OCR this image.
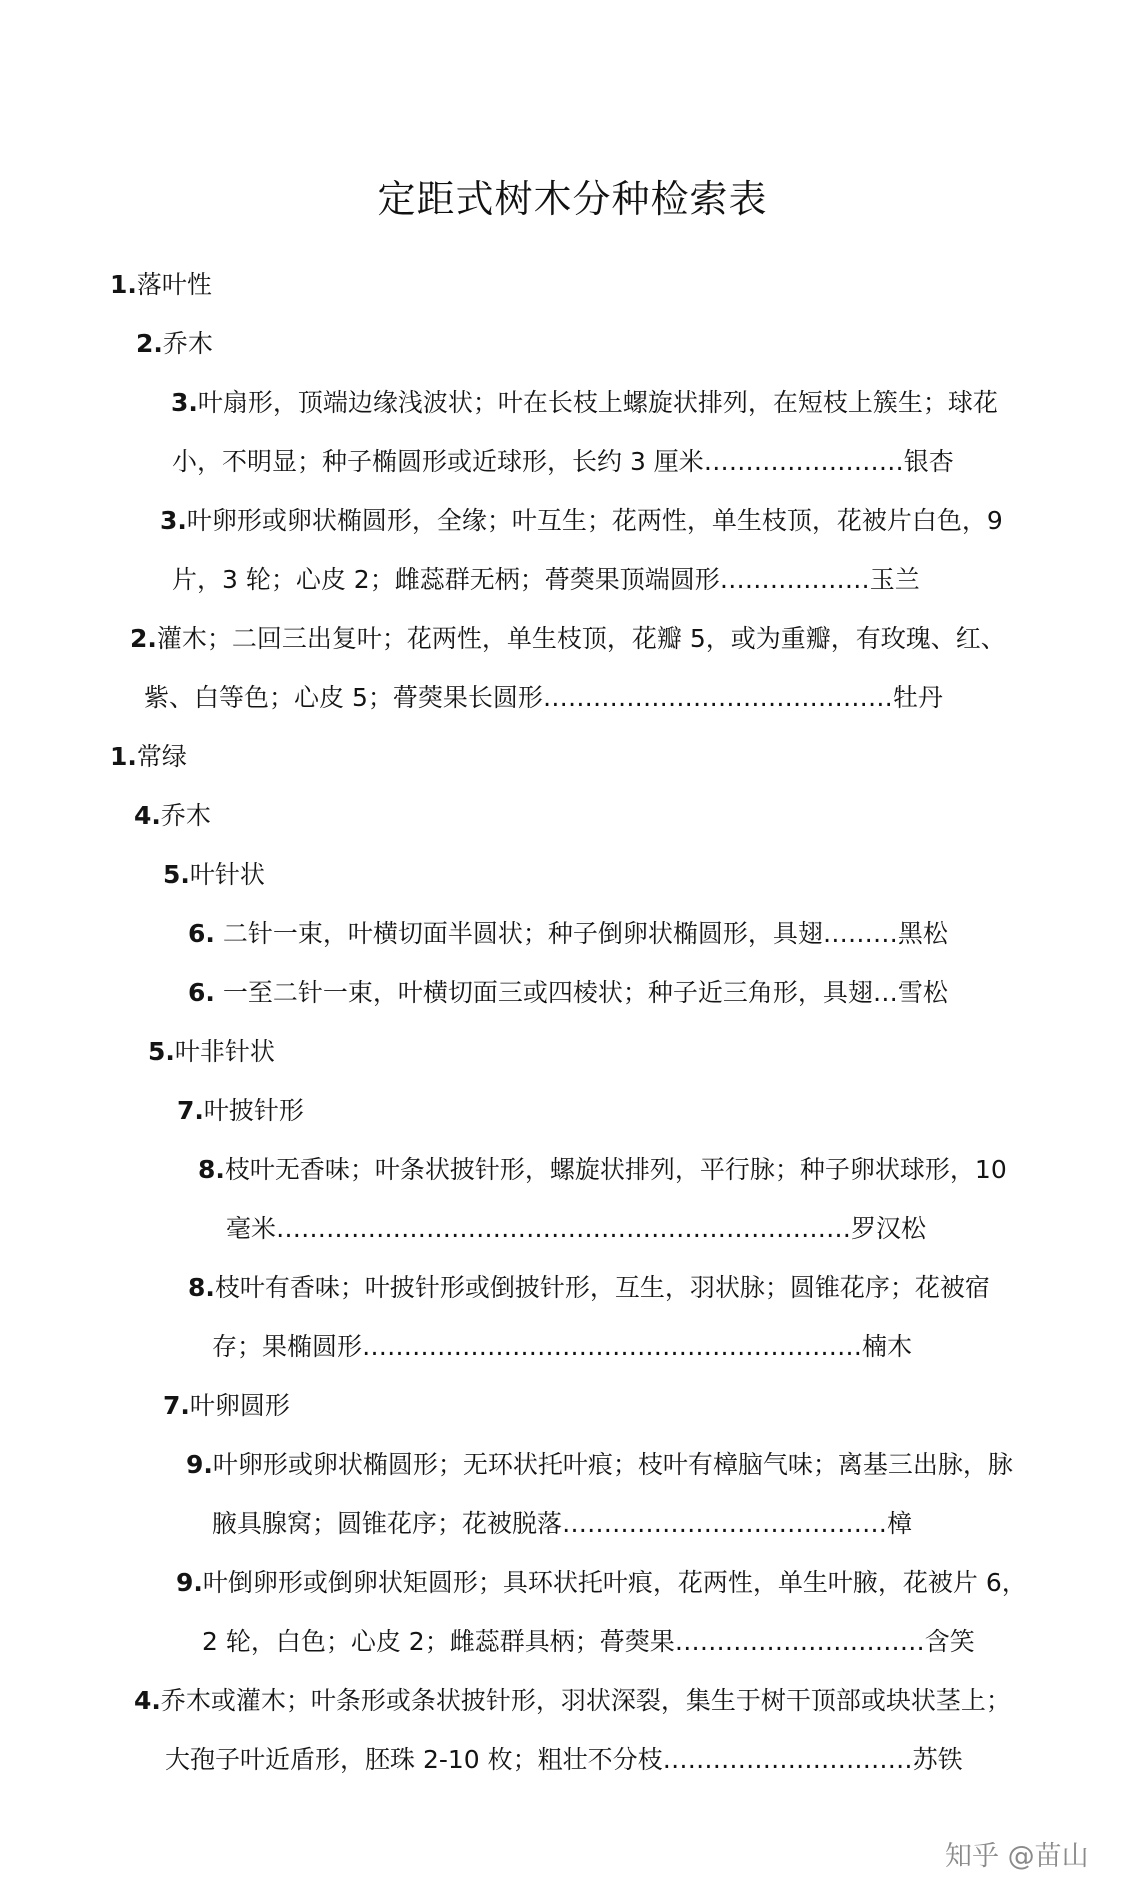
定距式树木分种检索表
1.落叶性
2.乔木
3.叶扇形，顶端边缘浅波状；叶在长枝上螺旋状排列，在短枝上簇生；球花
小，不明显；种子椭圆形或近球形，长约 3 厘米……………………银杏
3.叶卵形或卵状椭圆形，全缘；叶互生；花两性，单生枝顶，花被片白色，9
片，3 轮；心皮 2；雌蕊群无柄；蓇葖果顶端圆形………………玉兰
2.灌木；二回三出复叶；花两性，单生枝顶，花瓣 5，或为重瓣，有玫瑰、红、
紫、白等色；心皮 5；蓇葖果长圆形……………………………………牡丹
1.常绿
4.乔木
5.叶针状
6. 二针一束，叶横切面半圆状；种子倒卵状椭圆形，具翅………黑松
6. 一至二针一束，叶横切面三或四棱状；种子近三角形，具翅…雪松
5.叶非针状
7.叶披针形
8.枝叶无香味；叶条状披针形，螺旋状排列，平行脉；种子卵状球形，10
毫米……………………………………………………………罗汉松
8.枝叶有香味；叶披针形或倒披针形，互生，羽状脉；圆锥花序；花被宿
存；果椭圆形……………………………………………………楠木
7.叶卵圆形
9.叶卵形或卵状椭圆形；无环状托叶痕；枝叶有樟脑气味；离基三出脉，脉
腋具腺窝；圆锥花序；花被脱落…………………………………樟
9.叶倒卵形或倒卵状矩圆形；具环状托叶痕，花两性，单生叶腋，花被片 6，
2 轮，白色；心皮 2；雌蕊群具柄；蓇葖果…………………………含笑
4.乔木或灌木；叶条形或条状披针形，羽状深裂，集生于树干顶部或块状茎上；
大孢子叶近盾形，胚珠 2-10 枚；粗壮不分枝…………………………苏铁
知乎 @苗山
